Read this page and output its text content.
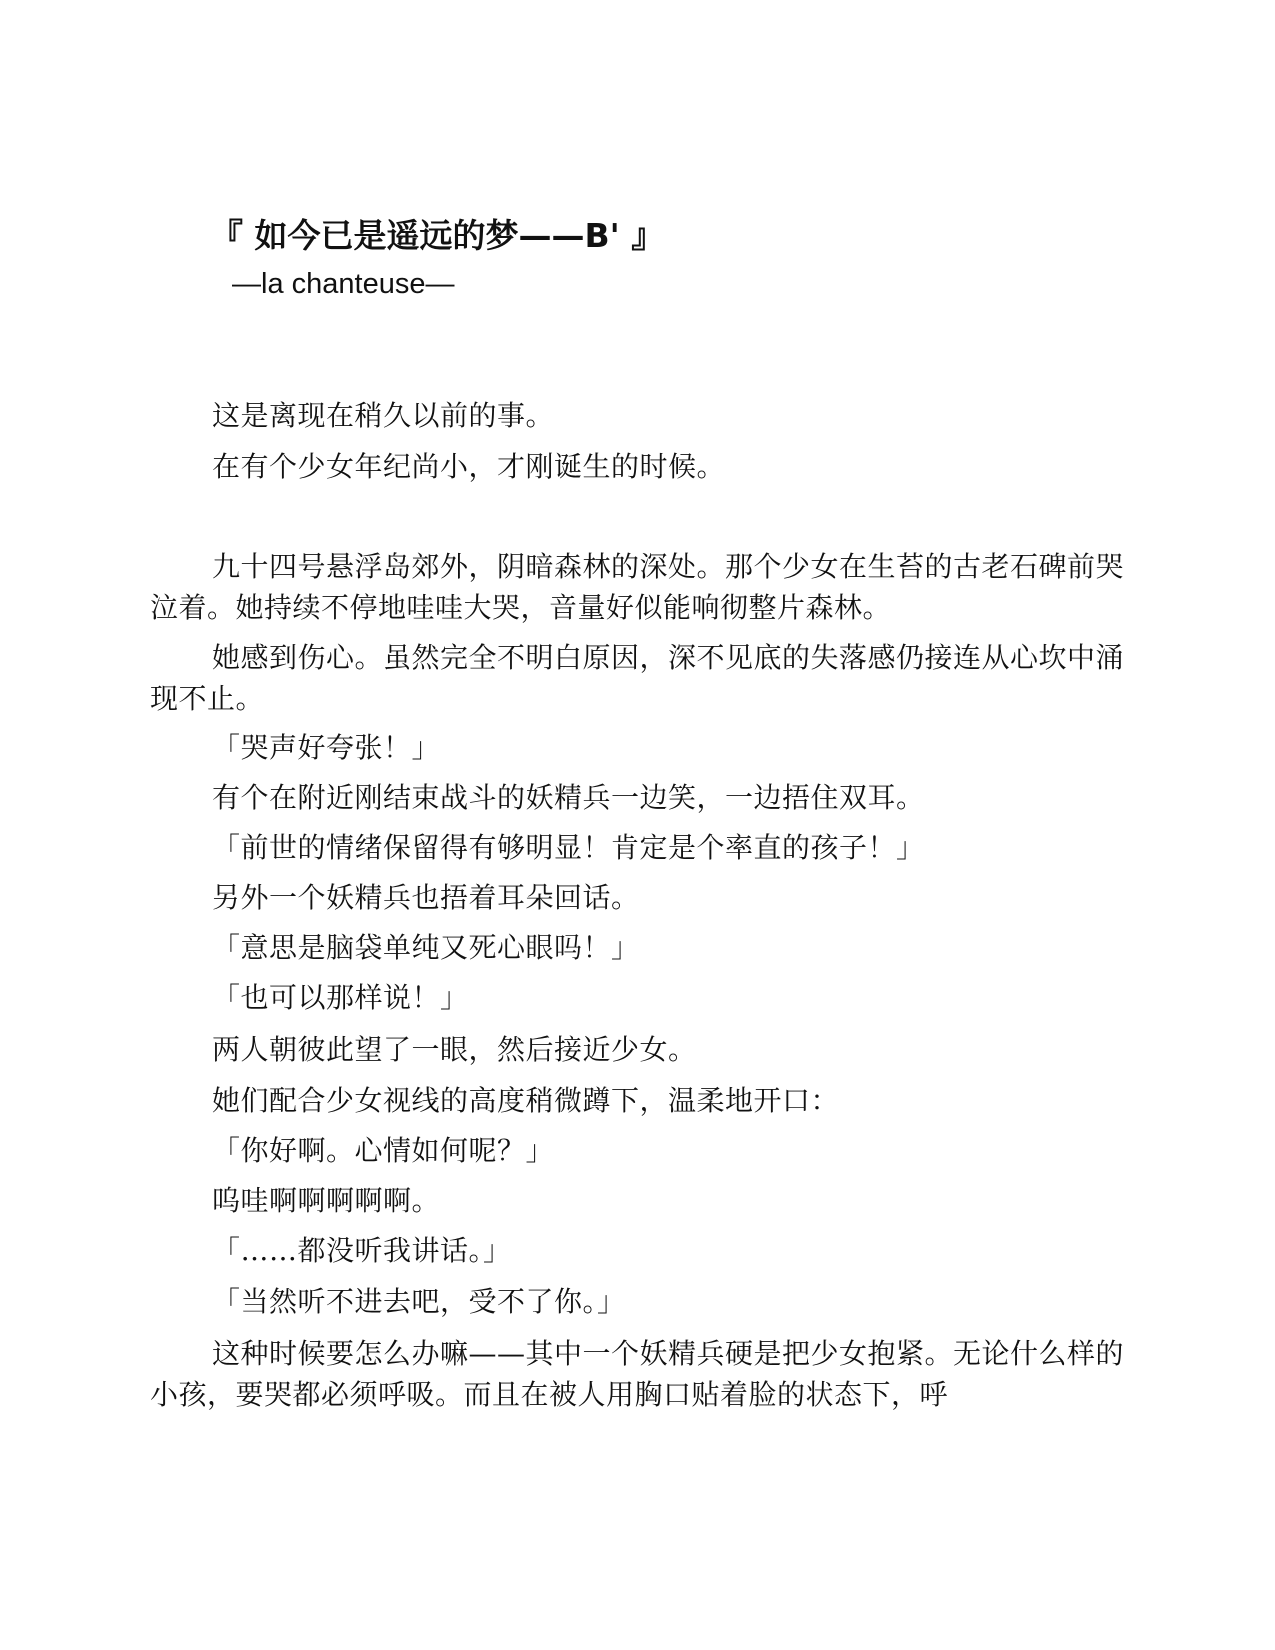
『 如今已是遥远的梦——B' 』
—la chanteuse—

这是离现在稍久以前的事。

在有个少女年纪尚小，才刚诞生的时候。

九十四号悬浮岛郊外，阴暗森林的深处。那个少女在生苔的古老石碑前哭泣着。她持续不停地哇哇大哭，音量好似能响彻整片森林。

她感到伤心。虽然完全不明白原因，深不见底的失落感仍接连从心坎中涌现不止。

「哭声好夸张！」

有个在附近刚结束战斗的妖精兵一边笑，一边捂住双耳。

「前世的情绪保留得有够明显！肯定是个率直的孩子！」

另外一个妖精兵也捂着耳朵回话。

「意思是脑袋单纯又死心眼吗！」

「也可以那样说！」

两人朝彼此望了一眼，然后接近少女。

她们配合少女视线的高度稍微蹲下，温柔地开口：

「你好啊。心情如何呢？」

呜哇啊啊啊啊啊。

「……都没听我讲话。」

「当然听不进去吧，受不了你。」

这种时候要怎么办嘛——其中一个妖精兵硬是把少女抱紧。无论什么样的小孩，要哭都必须呼吸。而且在被人用胸口贴着脸的状态下，呼
